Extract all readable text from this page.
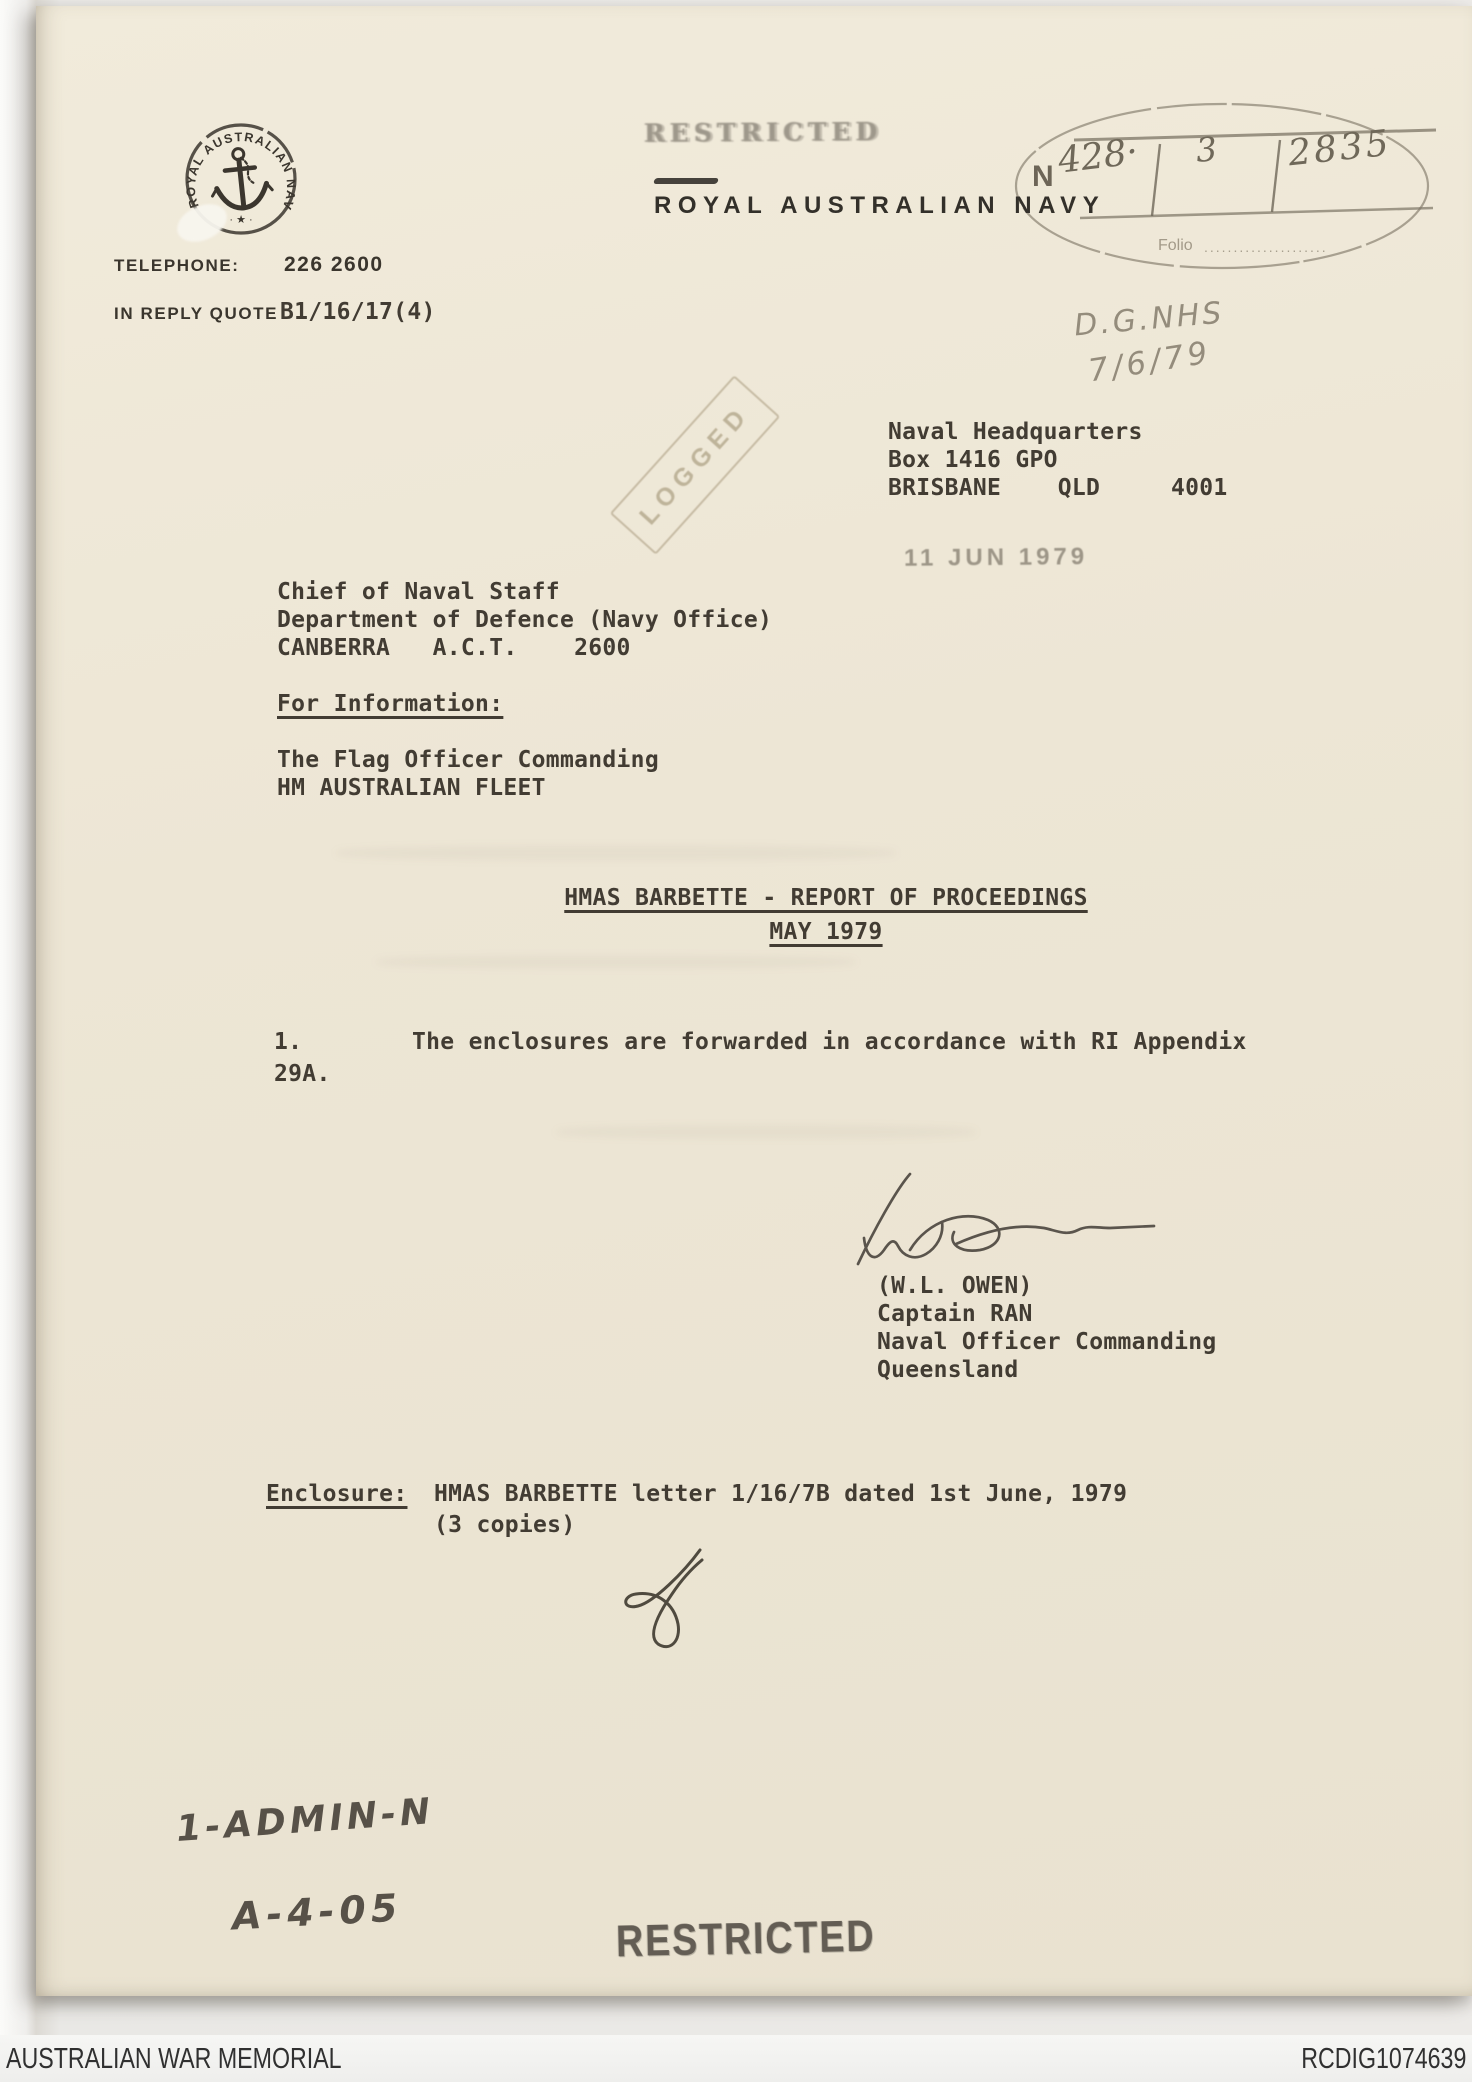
ROYAL AUSTRALIAN NAVY
· ★ ·
RESTRICTED
ROYAL AUSTRALIAN NAVY
N
Folio .....................
428· 3 2835
D.G.NHS
7/6/79
TELEPHONE: 226 2600
IN REPLY QUOTE B1/16/17(4)
Naval Headquarters
Box 1416 GPO
BRISBANE    QLD     4001
LOGGED
11 JUN 1979
Chief of Naval Staff
Department of Defence (Navy Office)
CANBERRA   A.C.T.    2600
For Information:
The Flag Officer Commanding
HM AUSTRALIAN FLEET
HMAS BARBETTE - REPORT OF PROCEEDINGS
MAY 1979
1.	The enclosures are forwarded in accordance with RI Appendix
29A.
(W.L. OWEN)
Captain RAN
Naval Officer Commanding
Queensland
Enclosure: HMAS BARBETTE letter 1/16/7B dated 1st June, 1979
(3 copies)
1-ADMIN-N
A-4-05	RESTRICTED
AUSTRALIAN WAR MEMORIAL	RCDIG1074639
